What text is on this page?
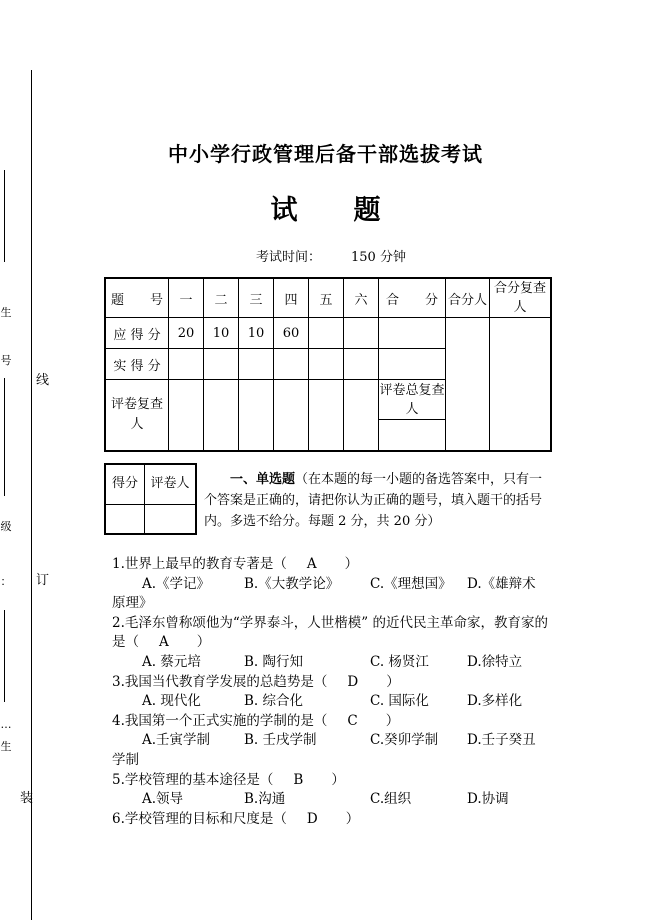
生
号
级
：
…
生
线
订
装
中小学行政管理后备干部选拔考试
试 题
考试时间： 150 分钟
题　　号	一	二	三	四	五	六	合　　分	合分人	合分复查人
应 得 分	20	10	10	60					
实 得 分									
评卷复查人							评卷总复查人		

得分	评卷人
		一、单选题（在本题的每一小题的备选答案中，只有一个答案是正确的，请把你认为正确的题号，填入题干的括号内。多选不给分。每题 2 分，共 20 分）

1.世界上最早的教育专著是（ A ）

A.《学记》	B.《大教学论》	C.《理想国》	D.《雄辩术

原理》

2.毛泽东曾称颂他为“学界泰斗，人世楷模” 的近代民主革命家，教育家的是（ A ）

A. 蔡元培	B. 陶行知	C. 杨贤江	D.徐特立

3.我国当代教育学发展的总趋势是（ D ）

A. 现代化	B. 综合化	C. 国际化	D.多样化

4.我国第一个正式实施的学制的是（ C ）

A.壬寅学制	B. 壬戌学制	C.癸卯学制	D.壬子癸丑

学制

5.学校管理的基本途径是（ B ）

A.领导	B.沟通	C.组织	D.协调

6.学校管理的目标和尺度是（ D ）
